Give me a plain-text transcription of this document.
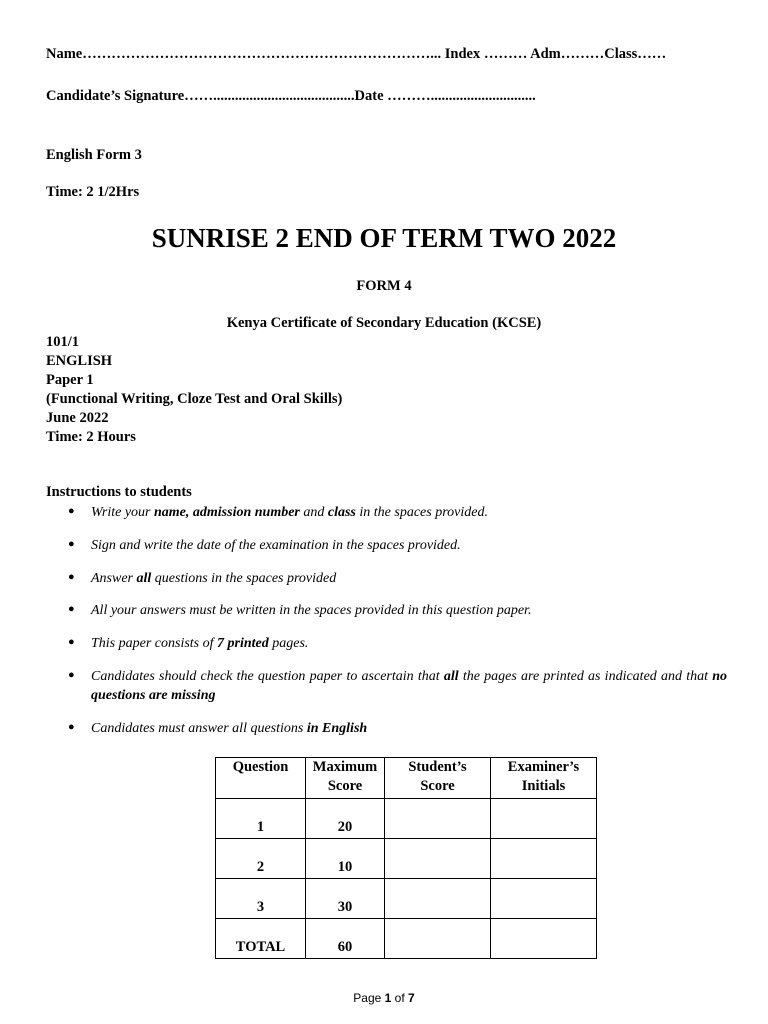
Name………………………………………………………………... Index ……… Adm………Class……
Candidate’s Signature…….......................................Date ……….............................
English Form 3
Time: 2 1/2Hrs
SUNRISE 2 END OF TERM TWO 2022
FORM 4
Kenya Certificate of Secondary Education (KCSE)
101/1
ENGLISH
Paper 1
(Functional Writing, Cloze Test and Oral Skills)
June 2022
Time: 2 Hours
Instructions to students
● Write your name, admission number and class in the spaces provided.
● Sign and write the date of the examination in the spaces provided.
● Answer all questions in the spaces provided
● All your answers must be written in the spaces provided in this question paper.
● This paper consists of 7 printed pages.
● Candidates should check the question paper to ascertain that all the pages are printed as indicated and that no questions are missing
● Candidates must answer all questions in English
Question	Maximum Score	Student’s Score	Examiner’s Initials
1	20		
2	10		
3	30		
TOTAL	60		
Page 1 of 7
